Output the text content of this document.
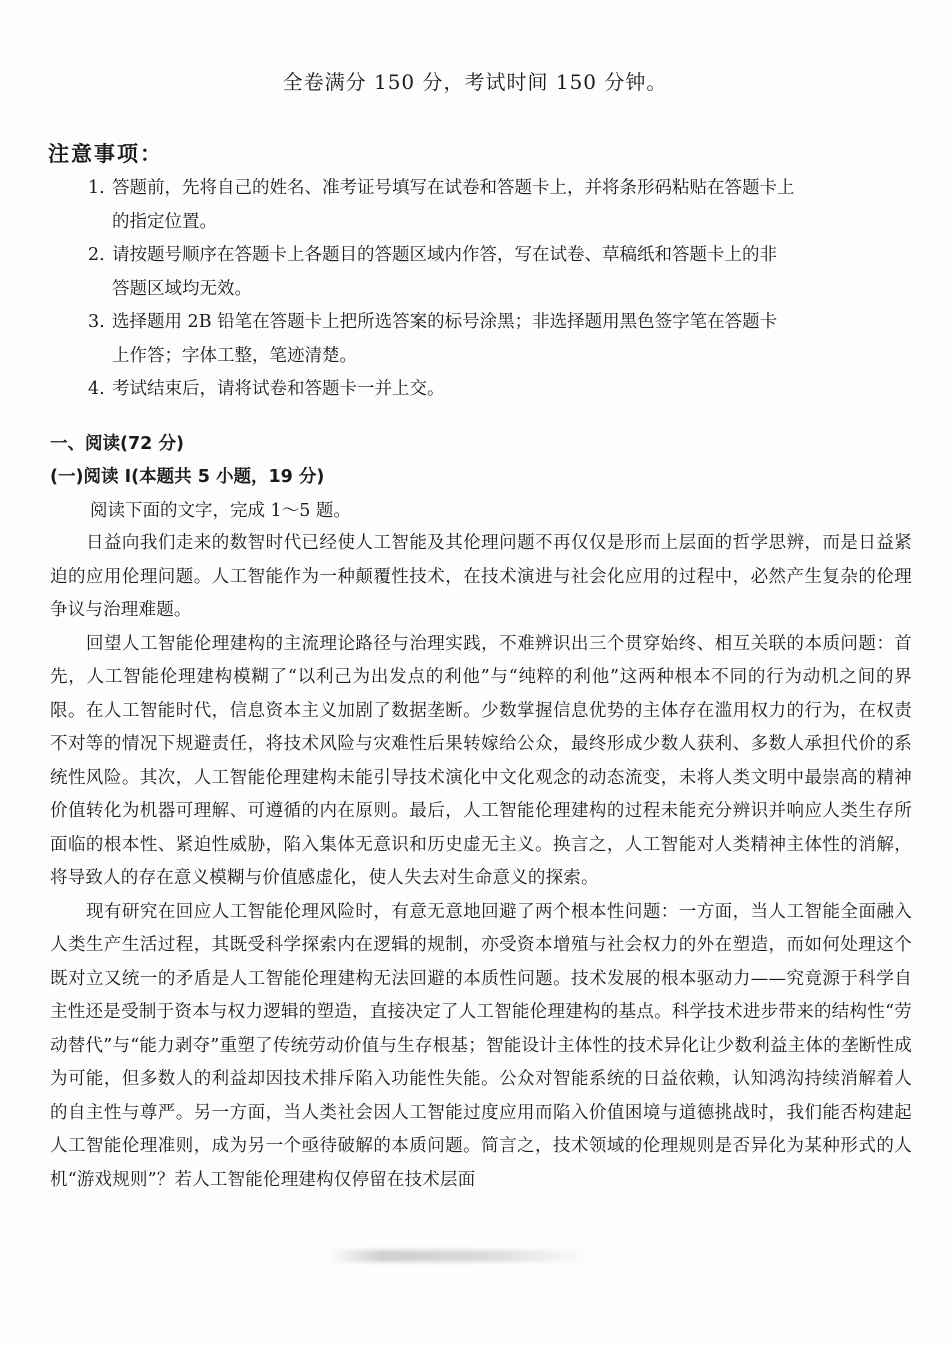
全卷满分 150 分，考试时间 150 分钟。
注意事项：
1. 答题前，先将自己的姓名、准考证号填写在试卷和答题卡上，并将条形码粘贴在答题卡上
的指定位置。
2. 请按题号顺序在答题卡上各题目的答题区域内作答，写在试卷、草稿纸和答题卡上的非
答题区域均无效。
3. 选择题用 2B 铅笔在答题卡上把所选答案的标号涂黑；非选择题用黑色签字笔在答题卡
上作答；字体工整，笔迹清楚。
4. 考试结束后，请将试卷和答题卡一并上交。
一、阅读(72 分)
(一)阅读 Ⅰ(本题共 5 小题，19 分)
阅读下面的文字，完成 1～5 题。

日益向我们走来的数智时代已经使人工智能及其伦理问题不再仅仅是形而上层面的哲学思辨，而是日益紧迫的应用伦理问题。人工智能作为一种颠覆性技术，在技术演进与社会化应用的过程中，必然产生复杂的伦理争议与治理难题。

回望人工智能伦理建构的主流理论路径与治理实践，不难辨识出三个贯穿始终、相互关联的本质问题：首先，人工智能伦理建构模糊了“以利己为出发点的利他”与“纯粹的利他”这两种根本不同的行为动机之间的界限。在人工智能时代，信息资本主义加剧了数据垄断。少数掌握信息优势的主体存在滥用权力的行为，在权责不对等的情况下规避责任，将技术风险与灾难性后果转嫁给公众，最终形成少数人获利、多数人承担代价的系统性风险。其次，人工智能伦理建构未能引导技术演化中文化观念的动态流变，未将人类文明中最崇高的精神价值转化为机器可理解、可遵循的内在原则。最后，人工智能伦理建构的过程未能充分辨识并响应人类生存所面临的根本性、紧迫性威胁，陷入集体无意识和历史虚无主义。换言之，人工智能对人类精神主体性的消解，将导致人的存在意义模糊与价值感虚化，使人失去对生命意义的探索。

现有研究在回应人工智能伦理风险时，有意无意地回避了两个根本性问题：一方面，当人工智能全面融入人类生产生活过程，其既受科学探索内在逻辑的规制，亦受资本增殖与社会权力的外在塑造，而如何处理这个既对立又统一的矛盾是人工智能伦理建构无法回避的本质性问题。技术发展的根本驱动力——究竟源于科学自主性还是受制于资本与权力逻辑的塑造，直接决定了人工智能伦理建构的基点。科学技术进步带来的结构性“劳动替代”与“能力剥夺”重塑了传统劳动价值与生存根基；智能设计主体性的技术异化让少数利益主体的垄断性成为可能，但多数人的利益却因技术排斥陷入功能性失能。公众对智能系统的日益依赖，认知鸿沟持续消解着人的自主性与尊严。另一方面，当人类社会因人工智能过度应用而陷入价值困境与道德挑战时，我们能否构建起人工智能伦理准则，成为另一个亟待破解的本质问题。简言之，技术领域的伦理规则是否异化为某种形式的人机“游戏规则”？若人工智能伦理建构仅停留在技术层面
